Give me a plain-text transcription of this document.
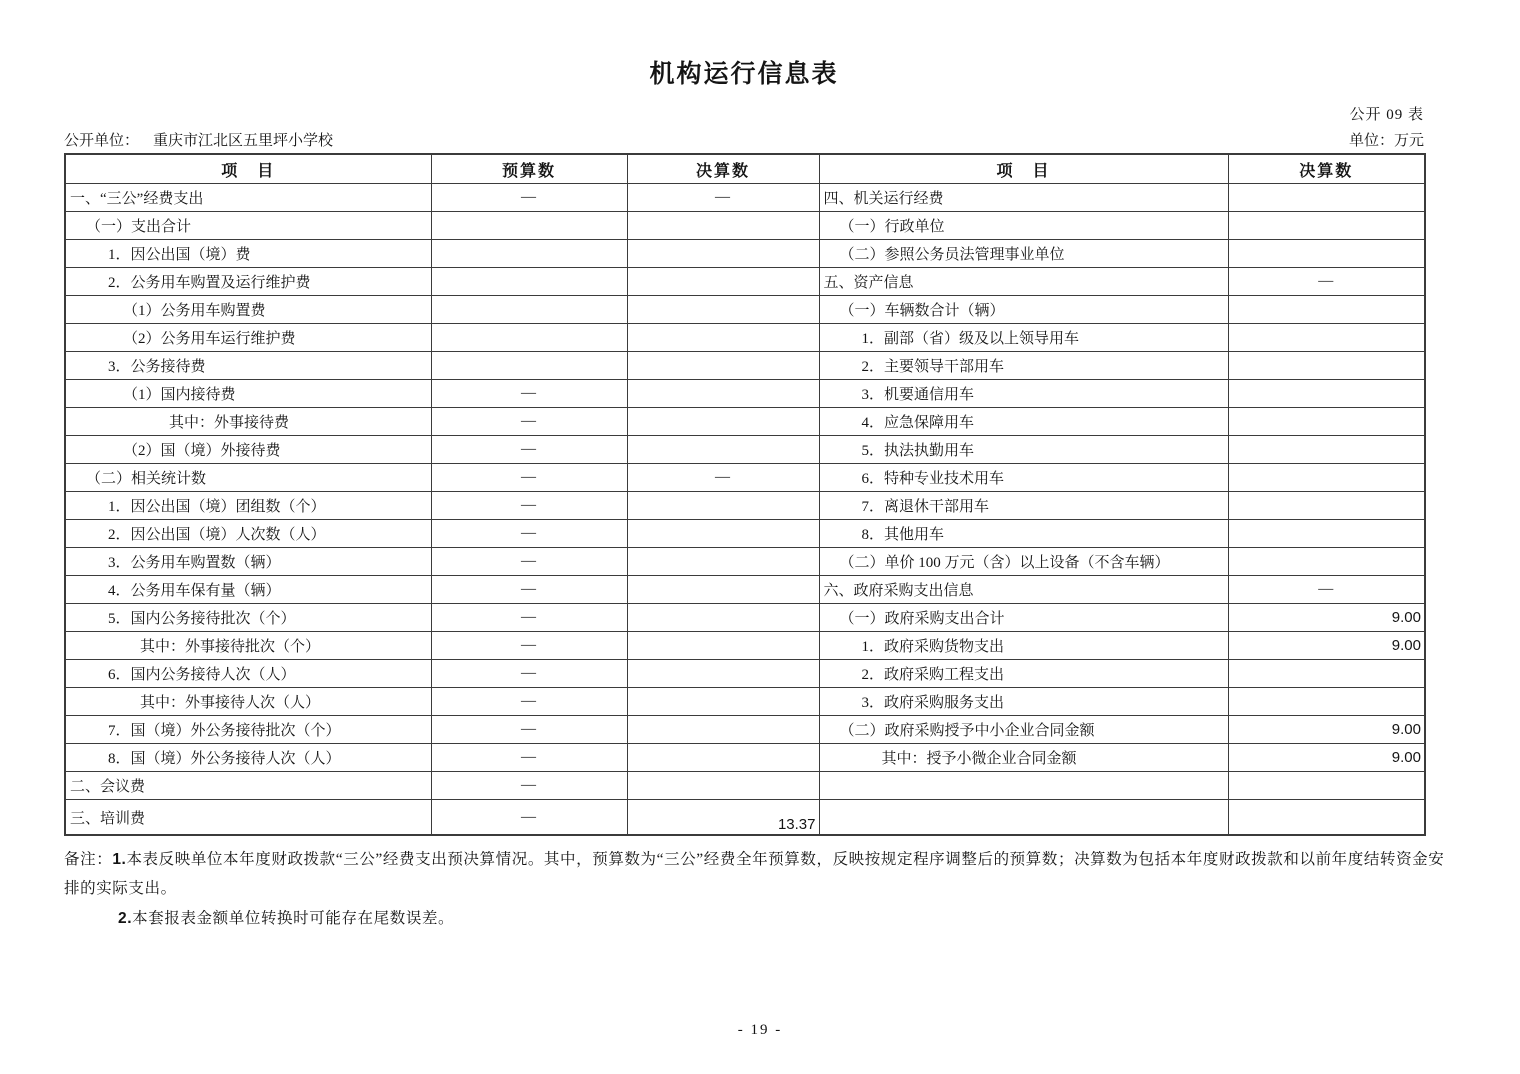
机构运行信息表
公开 09 表
公开单位： 重庆市江北区五里坪小学校	单位：万元
项　目	预算数	决算数	项　目	决算数
一、“三公”经费支出	—	—	四、机关运行经费	
（一）支出合计			（一）行政单位	
1．因公出国（境）费			（二）参照公务员法管理事业单位	
2．公务用车购置及运行维护费			五、资产信息	—
（1）公务用车购置费			（一）车辆数合计（辆）	
（2）公务用车运行维护费			1．副部（省）级及以上领导用车	
3．公务接待费			2．主要领导干部用车	
（1）国内接待费	—		3．机要通信用车	
其中：外事接待费	—		4．应急保障用车	
（2）国（境）外接待费	—		5．执法执勤用车	
（二）相关统计数	—	—	6．特种专业技术用车	
1．因公出国（境）团组数（个）	—		7．离退休干部用车	
2．因公出国（境）人次数（人）	—		8．其他用车	
3．公务用车购置数（辆）	—		（二）单价 100 万元（含）以上设备（不含车辆）	
4．公务用车保有量（辆）	—		六、政府采购支出信息	—
5．国内公务接待批次（个）	—		（一）政府采购支出合计	9.00
其中：外事接待批次（个）	—		1．政府采购货物支出	9.00
6．国内公务接待人次（人）	—		2．政府采购工程支出	
其中：外事接待人次（人）	—		3．政府采购服务支出	
7．国（境）外公务接待批次（个）	—		（二）政府采购授予中小企业合同金额	9.00
8．国（境）外公务接待人次（人）	—		其中：授予小微企业合同金额	9.00
二、会议费	—			
三、培训费	—	13.37		

备注：1.本表反映单位本年度财政拨款“三公”经费支出预决算情况。其中，预算数为“三公”经费全年预算数，反映按规定程序调整后的预算数；决算数为包括本年度财政拨款和以前年度结转资金安排的实际支出。

2.本套报表金额单位转换时可能存在尾数误差。

- 19 -
